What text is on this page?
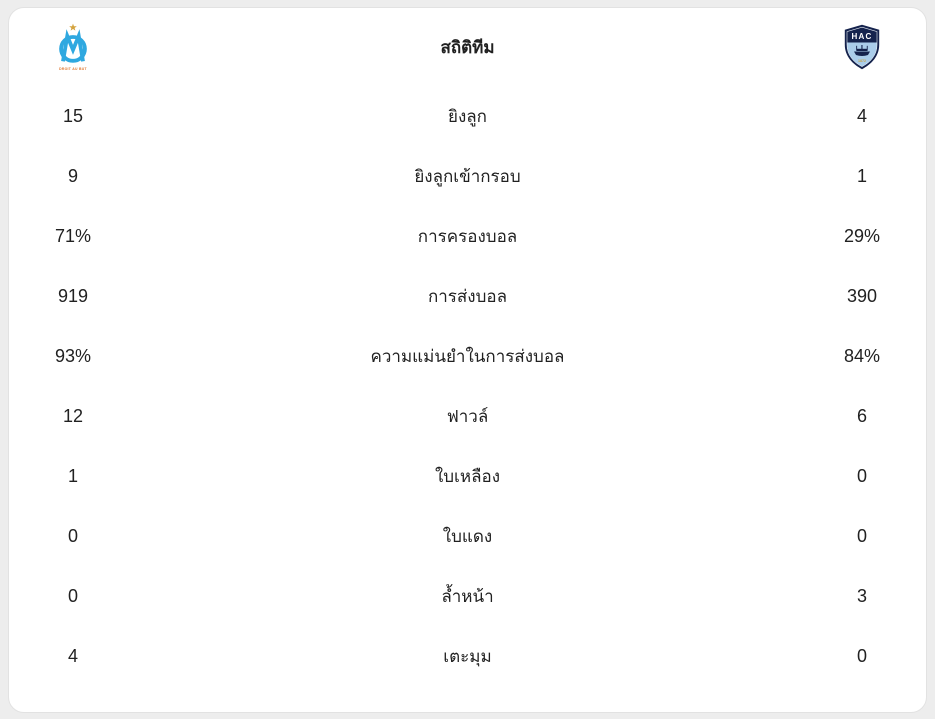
DROIT AU BUT
สถิติทีม
HAC
1872
15	ยิงลูก	4
9	ยิงลูกเข้ากรอบ	1
71%	การครองบอล	29%
919	การส่งบอล	390
93%	ความแม่นยำในการส่งบอล	84%
12	ฟาวล์	6
1	ใบเหลือง	0
0	ใบแดง	0
0	ล้ำหน้า	3
4	เตะมุม	0
